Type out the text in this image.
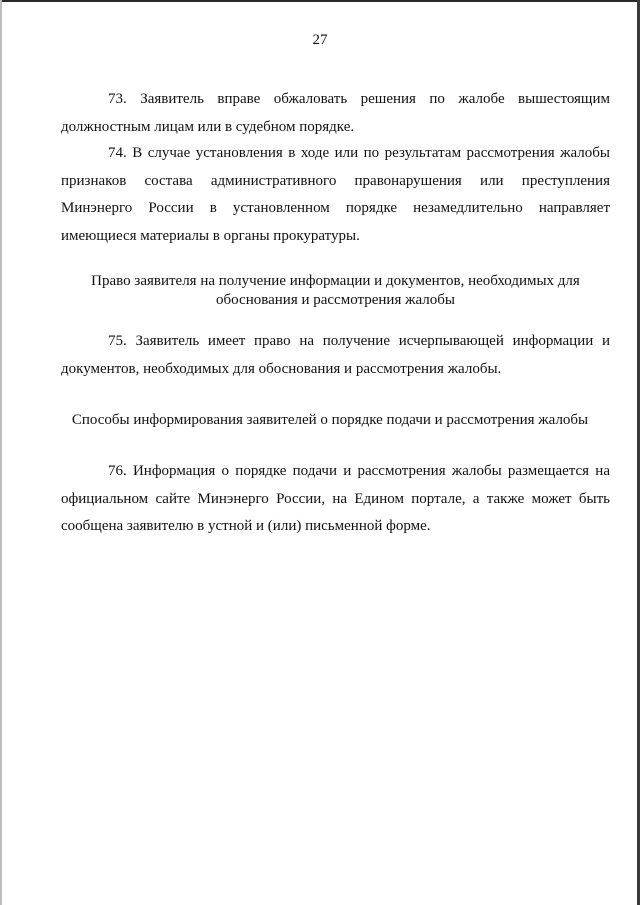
27

73. Заявитель вправе обжаловать решения по жалобе вышестоящим должностным лицам или в судебном порядке.

74. В случае установления в ходе или по результатам рассмотрения жалобы признаков состава административного правонарушения или преступления Минэнерго России в установленном порядке незамедлительно направляет имеющиеся материалы в органы прокуратуры.

Право заявителя на получение информации и документов, необходимых для
обоснования и рассмотрения жалобы

75. Заявитель имеет право на получение исчерпывающей информации и документов, необходимых для обоснования и рассмотрения жалобы.

Способы информирования заявителей о порядке подачи и рассмотрения жалобы

76. Информация о порядке подачи и рассмотрения жалобы размещается на официальном сайте Минэнерго России, на Едином портале, а также может быть сообщена заявителю в устной и (или) письменной форме.
